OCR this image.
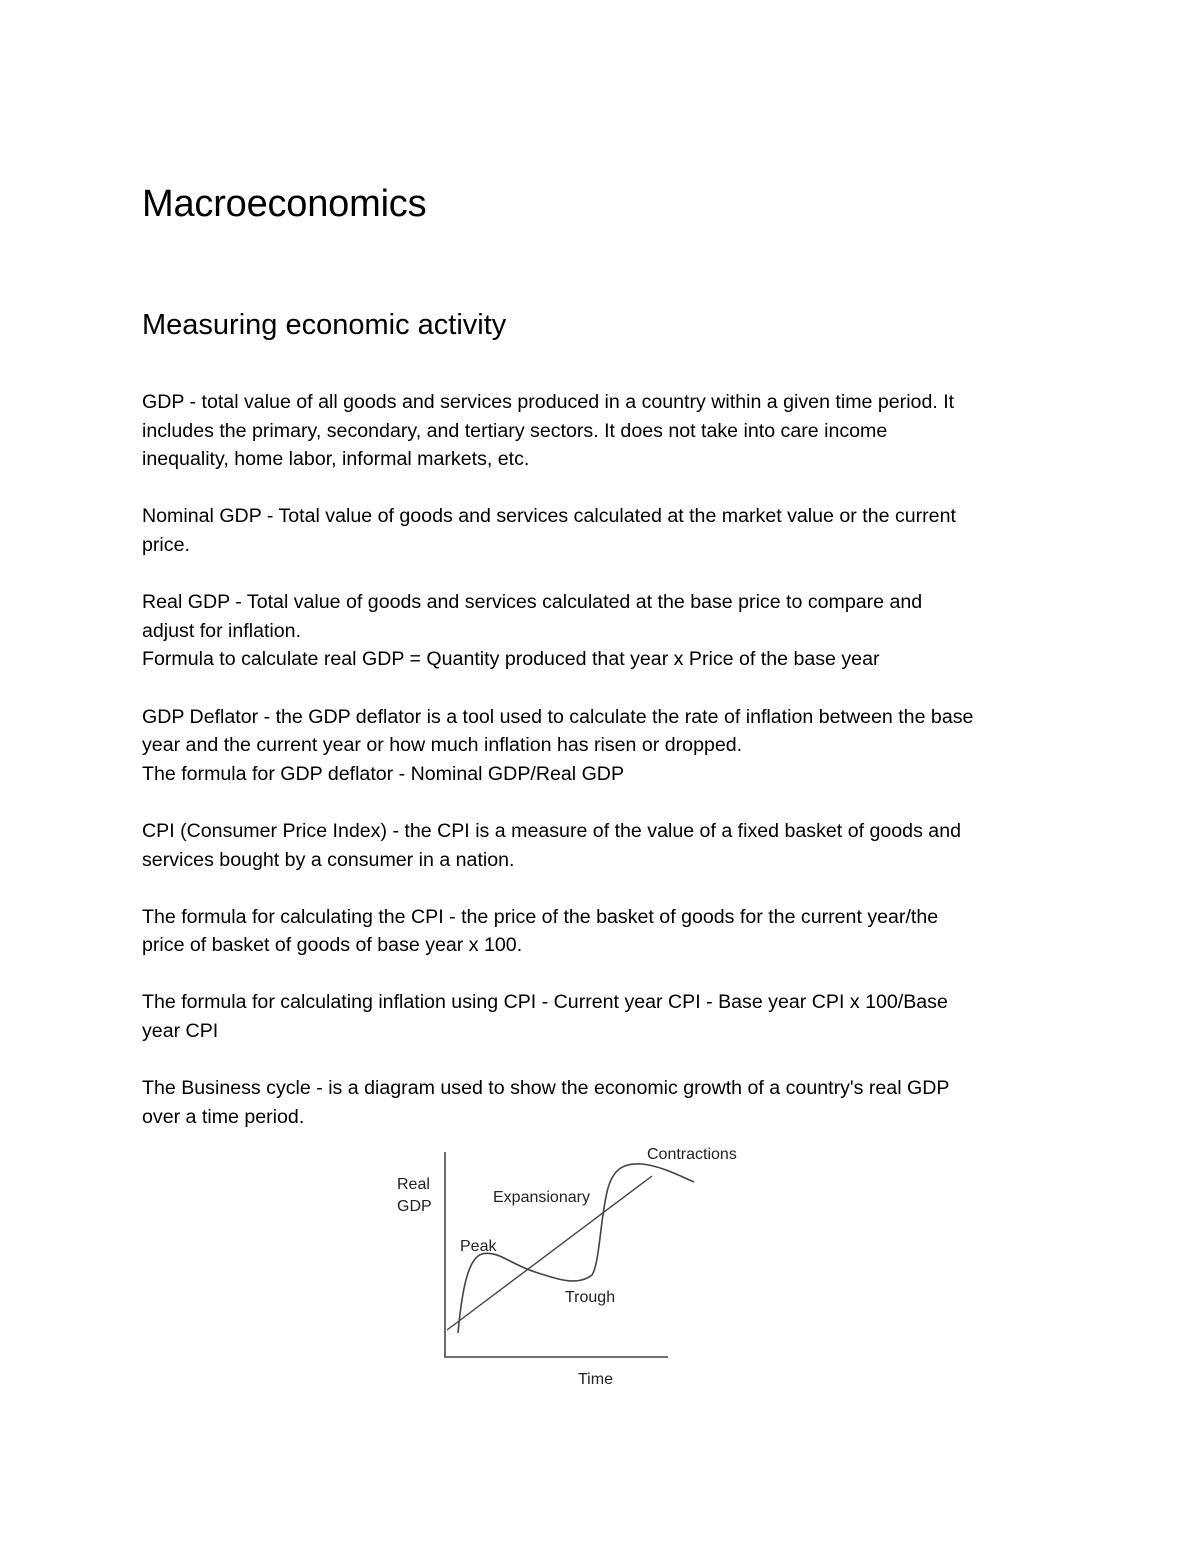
Macroeconomics
Measuring economic activity

GDP - total value of all goods and services produced in a country within a given time period. It
includes the primary, secondary, and tertiary sectors. It does not take into care income
inequality, home labor, informal markets, etc.

Nominal GDP - Total value of goods and services calculated at the market value or the current
price.

Real GDP - Total value of goods and services calculated at the base price to compare and
adjust for inflation.
Formula to calculate real GDP = Quantity produced that year x Price of the base year

GDP Deflator - the GDP deflator is a tool used to calculate the rate of inflation between the base
year and the current year or how much inflation has risen or dropped.
The formula for GDP deflator - Nominal GDP/Real GDP

CPI (Consumer Price Index) - the CPI is a measure of the value of a fixed basket of goods and
services bought by a consumer in a nation.

The formula for calculating the CPI - the price of the basket of goods for the current year/the
price of basket of goods of base year x 100.

The formula for calculating inflation using CPI - Current year CPI - Base year CPI x 100/Base
year CPI

The Business cycle - is a diagram used to show the economic growth of a country's real GDP
over a time period.

Real
GDP
Expansionary
Peak
Trough
Contractions
Time
